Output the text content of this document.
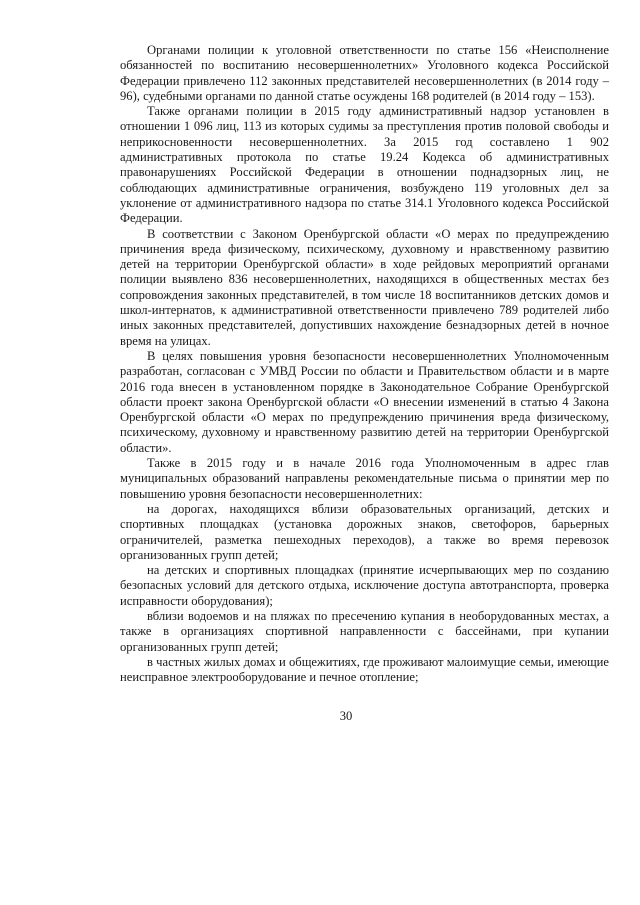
Органами полиции к уголовной ответственности по статье 156 «Неисполнение обязанностей по воспитанию несовершеннолетних» Уголовного кодекса Российской Федерации привлечено 112 законных представителей несовершеннолетних (в 2014 году – 96), судебными органами по данной статье осуждены 168 родителей (в 2014 году – 153).

Также органами полиции в 2015 году административный надзор установлен в отношении 1 096 лиц, 113 из которых судимы за преступления против половой свободы и неприкосновенности несовершеннолетних. За 2015 год составлено 1 902 административных протокола по статье 19.24 Кодекса об административных правонарушениях Российской Федерации в отношении поднадзорных лиц, не соблюдающих административные ограничения, возбуждено 119 уголовных дел за уклонение от административного надзора по статье 314.1 Уголовного кодекса Российской Федерации.

В соответствии с Законом Оренбургской области «О мерах по предупреждению причинения вреда физическому, психическому, духовному и нравственному развитию детей на территории Оренбургской области» в ходе рейдовых мероприятий органами полиции выявлено 836 несовершеннолетних, находящихся в общественных местах без сопровождения законных представителей, в том числе 18 воспитанников детских домов и школ-интернатов, к административной ответственности привлечено 789 родителей либо иных законных представителей, допустивших нахождение безнадзорных детей в ночное время на улицах.

В целях повышения уровня безопасности несовершеннолетних Уполномоченным разработан, согласован с УМВД России по области и Правительством области и в марте 2016 года внесен в установленном порядке в Законодательное Собрание Оренбургской области проект закона Оренбургской области «О внесении изменений в статью 4 Закона Оренбургской области «О мерах по предупреждению причинения вреда физическому, психическому, духовному и нравственному развитию детей на территории Оренбургской области».

Также в 2015 году и в начале 2016 года Уполномоченным в адрес глав муниципальных образований направлены рекомендательные письма о принятии мер по повышению уровня безопасности несовершеннолетних:

на дорогах, находящихся вблизи образовательных организаций, детских и спортивных площадках (установка дорожных знаков, светофоров, барьерных ограничителей, разметка пешеходных переходов), а также во время перевозок организованных групп детей;

на детских и спортивных площадках (принятие исчерпывающих мер по созданию безопасных условий для детского отдыха, исключение доступа автотранспорта, проверка исправности оборудования);

вблизи водоемов и на пляжах по пресечению купания в необорудованных местах, а также в организациях спортивной направленности с бассейнами, при купании организованных групп детей;

в частных жилых домах и общежитиях, где проживают малоимущие семьи, имеющие неисправное электрооборудование и печное отопление;

30
